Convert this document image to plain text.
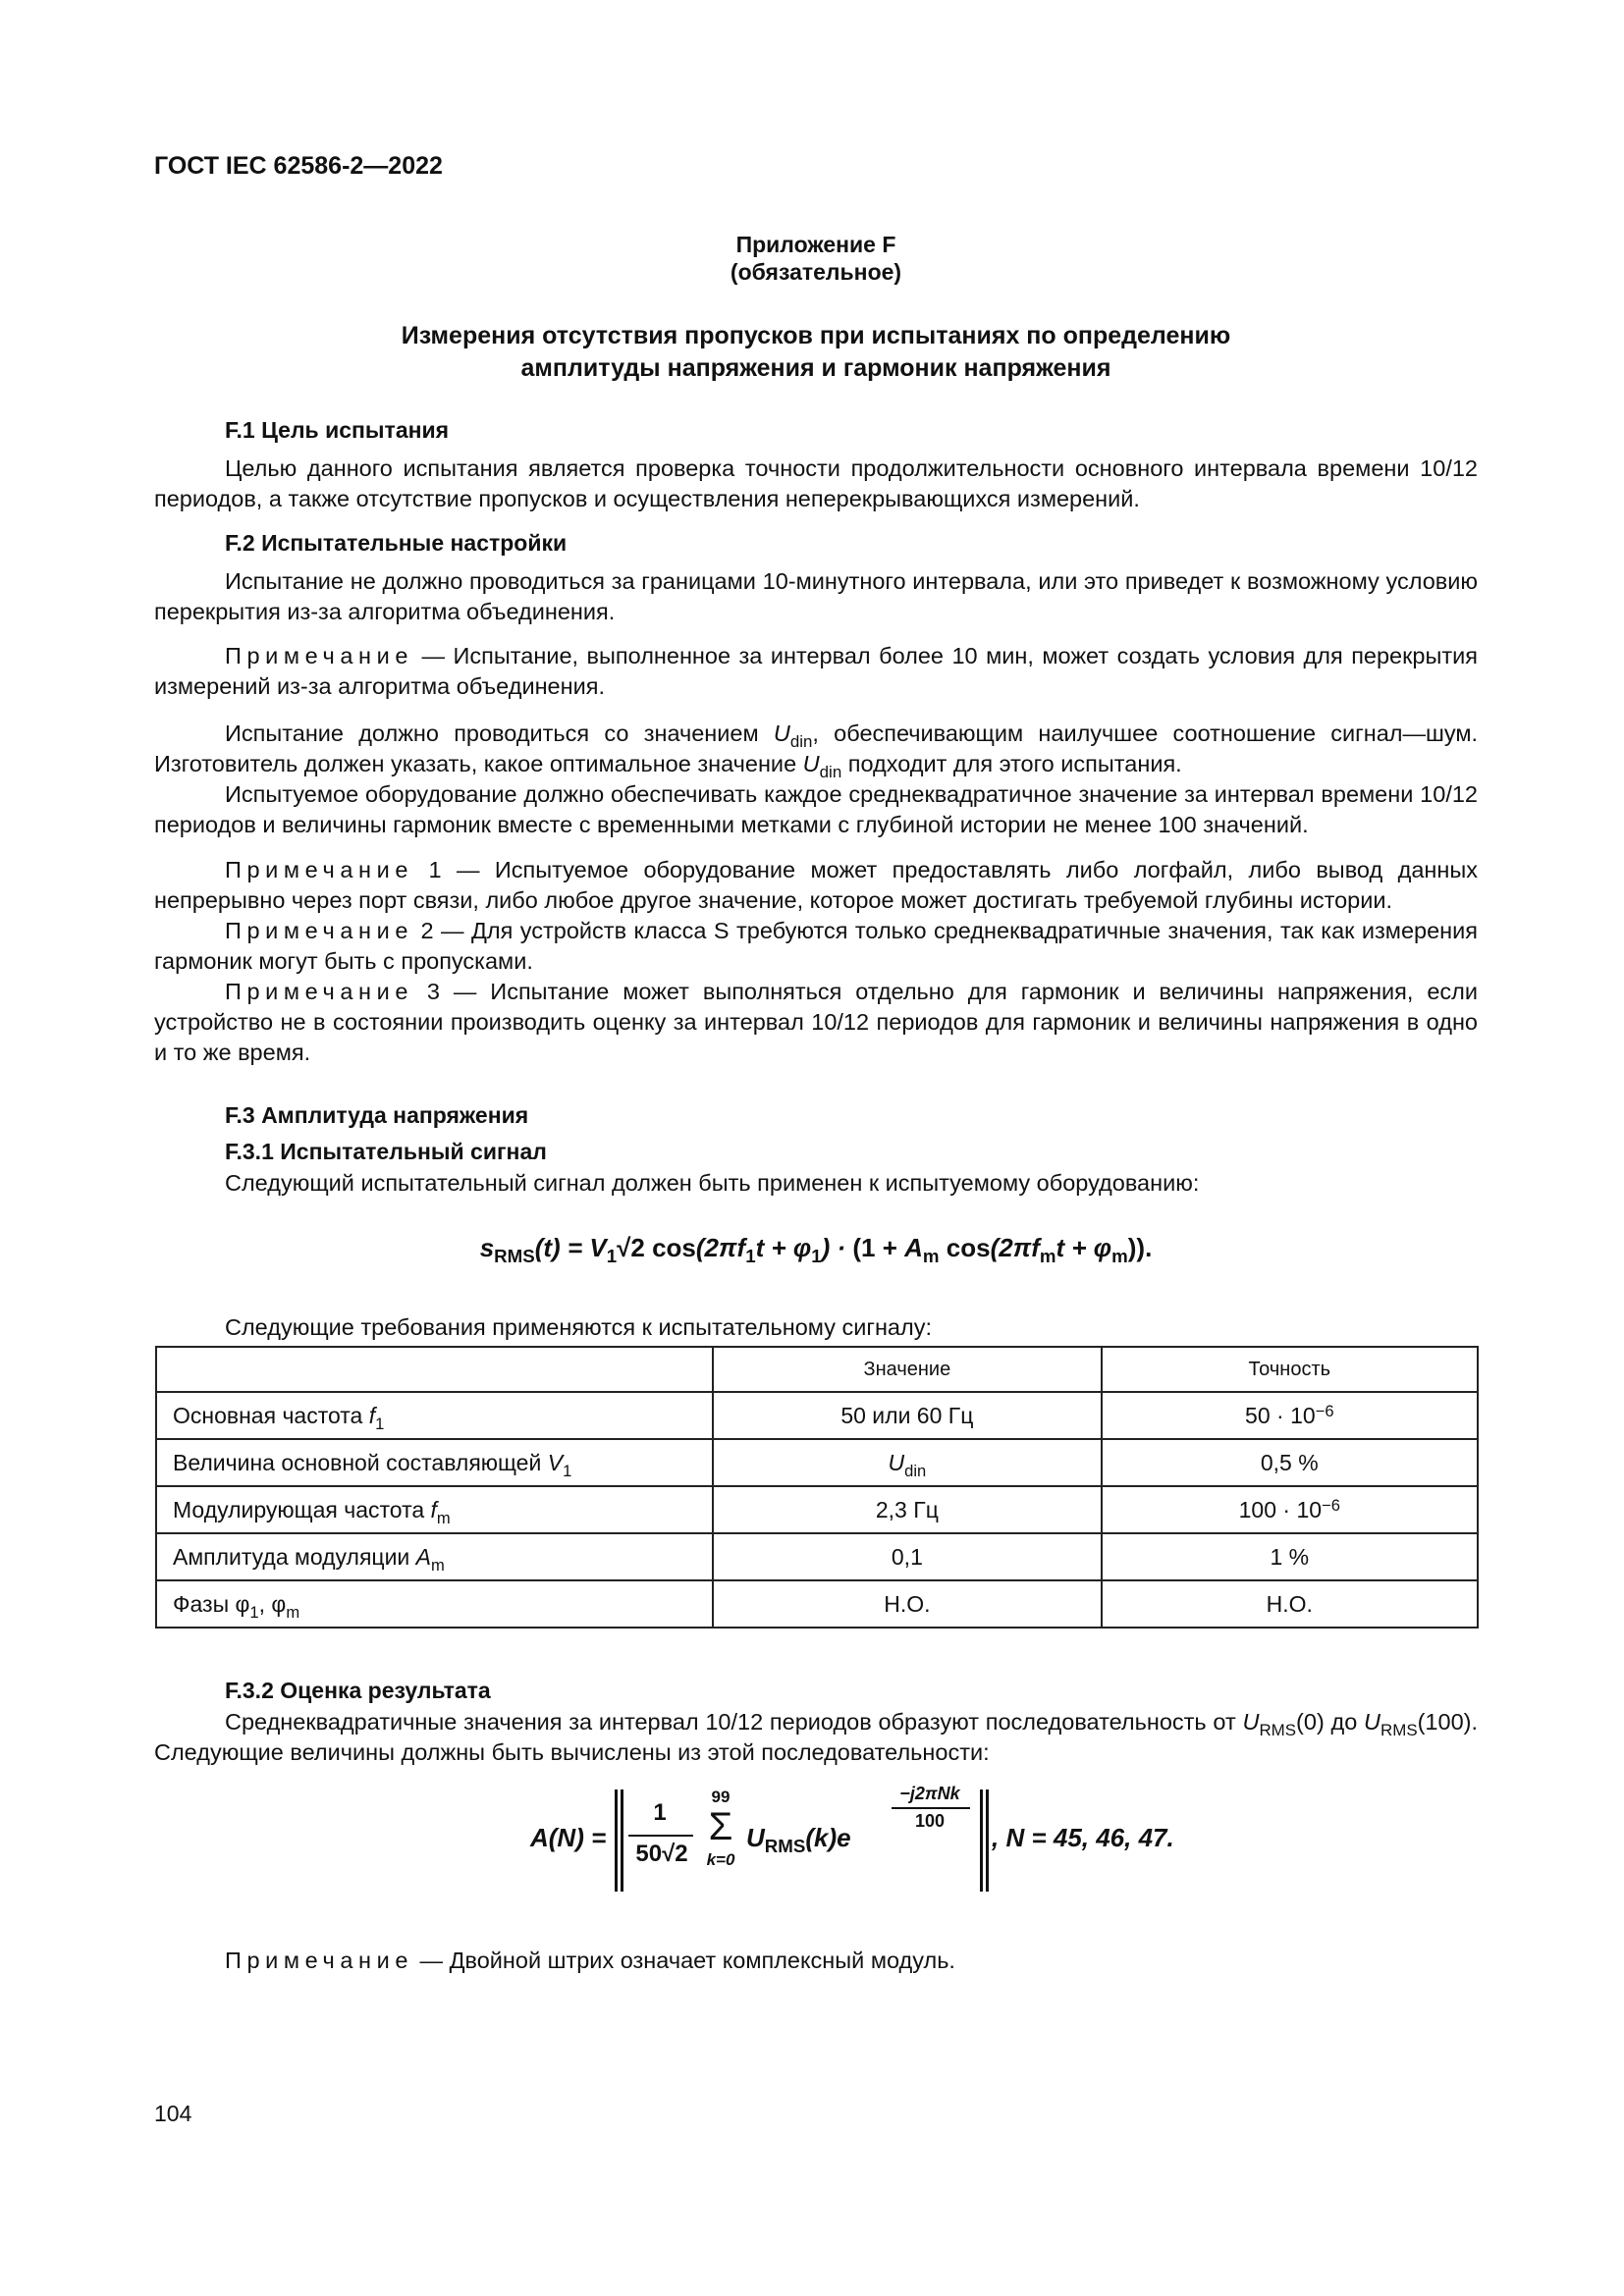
ГОСТ IEC 62586-2—2022
Приложение F
(обязательное)
Измерения отсутствия пропусков при испытаниях по определению
амплитуды напряжения и гармоник напряжения
F.1 Цель испытания
Целью данного испытания является проверка точности продолжительности основного интервала времени 10/12 периодов, а также отсутствие пропусков и осуществления неперекрывающихся измерений.
F.2 Испытательные настройки
Испытание не должно проводиться за границами 10-минутного интервала, или это приведет к возможному условию перекрытия из-за алгоритма объединения.
Примечание — Испытание, выполненное за интервал более 10 мин, может создать условия для перекрытия измерений из-за алгоритма объединения.
Испытание должно проводиться со значением $U_{din}$, обеспечивающим наилучшее соотношение сигнал—шум. Изготовитель должен указать, какое оптимальное значение $U_{din}$ подходит для этого испытания.
Испытуемое оборудование должно обеспечивать каждое среднеквадратичное значение за интервал времени 10/12 периодов и величины гармоник вместе с временными метками с глубиной истории не менее 100 значений.
Примечание 1 — Испытуемое оборудование может предоставлять либо логфайл, либо вывод данных непрерывно через порт связи, либо любое другое значение, которое может достигать требуемой глубины истории.
Примечание 2 — Для устройств класса S требуются только среднеквадратичные значения, так как измерения гармоник могут быть с пропусками.
Примечание 3 — Испытание может выполняться отдельно для гармоник и величины напряжения, если устройство не в состоянии производить оценку за интервал 10/12 периодов для гармоник и величины напряжения в одно и то же время.
F.3 Амплитуда напряжения
F.3.1 Испытательный сигнал
Следующий испытательный сигнал должен быть применен к испытуемому оборудованию:
$s_{RMS}(t) = V_1√2$ $\cos(2\pi f_1t + \varphi_1) \cdot (1 + A_m$ $\cos(2\pi f_mt + \varphi_m)$).
Следующие требования применяются к испытательному сигналу:
	Значение	Точность
Основная частота $f_1$	50 или 60 Гц	$50 \cdot 10^{-6}$
Величина основной составляющей $V_1$	$U_{din}$	0,5 %
Модулирующая частота $f_m$	2,3 Гц	$100 \cdot 10^{-6}$
Амплитуда модуляции $A_m$	0,1	1 %
Фазы $\varphi_1$, $\varphi_m$	Н.О.	Н.О.
F.3.2 Оценка результата
Среднеквадратичные значения за интервал 10/12 периодов образуют последовательность от $U_{RMS}(0)$ до $U_{RMS}(100)$. Следующие величины должны быть вычислены из этой последовательности:
A(N) =
1
50√2
99
Σ
k=0
$U_{RMS}(k)e$
−j2πNk
100
, N = 45, 46, 47.
Примечание — Двойной штрих означает комплексный модуль.
104
